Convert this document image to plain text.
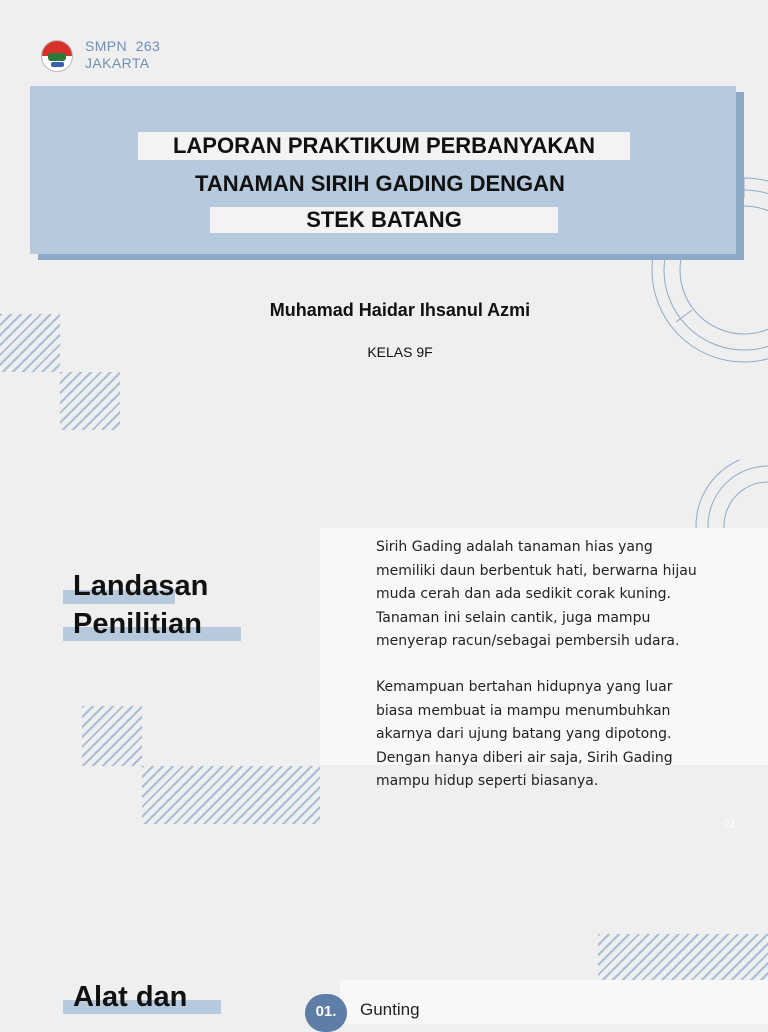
SMPN  263
JAKARTA
LAPORAN PRAKTIKUM PERBANYAKAN
TANAMAN SIRIH GADING DENGAN
STEK BATANG
Muhamad Haidar Ihsanul Azmi
KELAS 9F
Landasan
Penilitian
Sirih Gading adalah tanaman hias yang
memiliki daun berbentuk hati, berwarna hijau
muda cerah dan ada sedikit corak kuning.
Tanaman ini selain cantik, juga mampu
menyerap racun/sebagai pembersih udara.
Kemampuan bertahan hidupnya yang luar
biasa membuat ia mampu menumbuhkan
akarnya dari ujung batang yang dipotong.
Dengan hanya diberi air saja, Sirih Gading
mampu hidup seperti biasanya.
02
Alat dan	01.	Gunting
